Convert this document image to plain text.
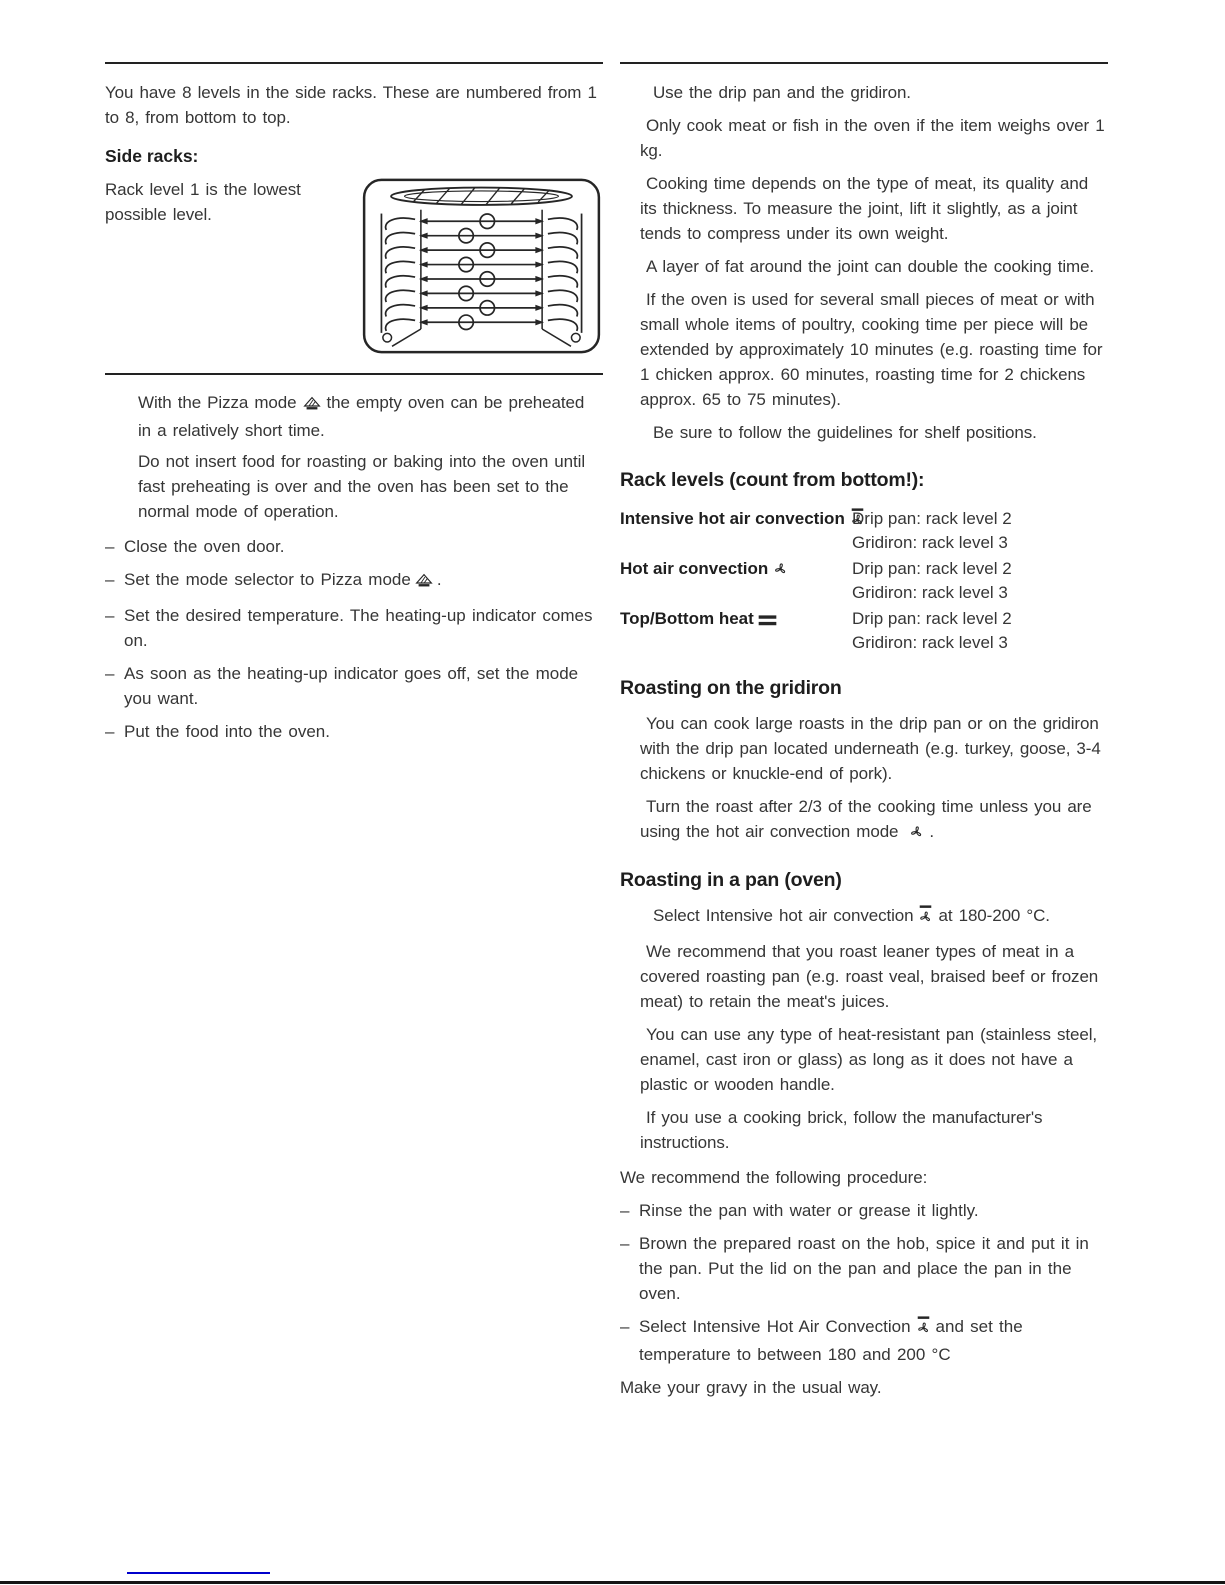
You have 8 levels in the side racks. These are numbered from 1 to 8, from bottom to top.

Side racks:

Rack level 1 is the lowest possible level.

With the Pizza mode the empty oven can be preheated in a relatively short time.

Do not insert food for roasting or baking into the oven until fast preheating is over and the oven has been set to the normal mode of operation.

– Close the oven door.
– Set the mode selector to Pizza mode .
– Set the desired temperature. The heating-up indicator comes on.
– As soon as the heating-up indicator goes off, set the mode you want.
– Put the food into the oven.

Use the drip pan and the gridiron.

Only cook meat or fish in the oven if the item weighs over 1 kg.

Cooking time depends on the type of meat, its quality and its thickness. To measure the joint, lift it slightly, as a joint tends to compress under its own weight.

A layer of fat around the joint can double the cooking time.

If the oven is used for several small pieces of meat or with small whole items of poultry, cooking time per piece will be extended by approximately 10 minutes (e.g. roasting time for 1 chicken approx. 60 minutes, roasting time for 2 chickens approx. 65 to 75 minutes).

Be sure to follow the guidelines for shelf positions.

Rack levels (count from bottom!):
Intensive hot air convection Drip pan: rack level 2
Gridiron: rack level 3
Hot air convection	Drip pan: rack level 2
Gridiron: rack level 3
Top/Bottom heat	Drip pan: rack level 2
Gridiron: rack level 3
Roasting on the gridiron

You can cook large roasts in the drip pan or on the gridiron with the drip pan located underneath (e.g. turkey, goose, 3-4 chickens or knuckle-end of pork).

Turn the roast after 2/3 of the cooking time unless you are using the hot air convection mode .

Roasting in a pan (oven)

Select Intensive hot air convection at 180-200 °C.

We recommend that you roast leaner types of meat in a covered roasting pan (e.g. roast veal, braised beef or frozen meat) to retain the meat's juices.

You can use any type of heat-resistant pan (stainless steel, enamel, cast iron or glass) as long as it does not have a plastic or wooden handle.

If you use a cooking brick, follow the manufacturer's instructions.

We recommend the following procedure:

– Rinse the pan with water or grease it lightly.
– Brown the prepared roast on the hob, spice it and put it in the pan. Put the lid on the pan and place the pan in the oven.
– Select Intensive Hot Air Convection and set the temperature to between 180 and 200 °C

Make your gravy in the usual way.
